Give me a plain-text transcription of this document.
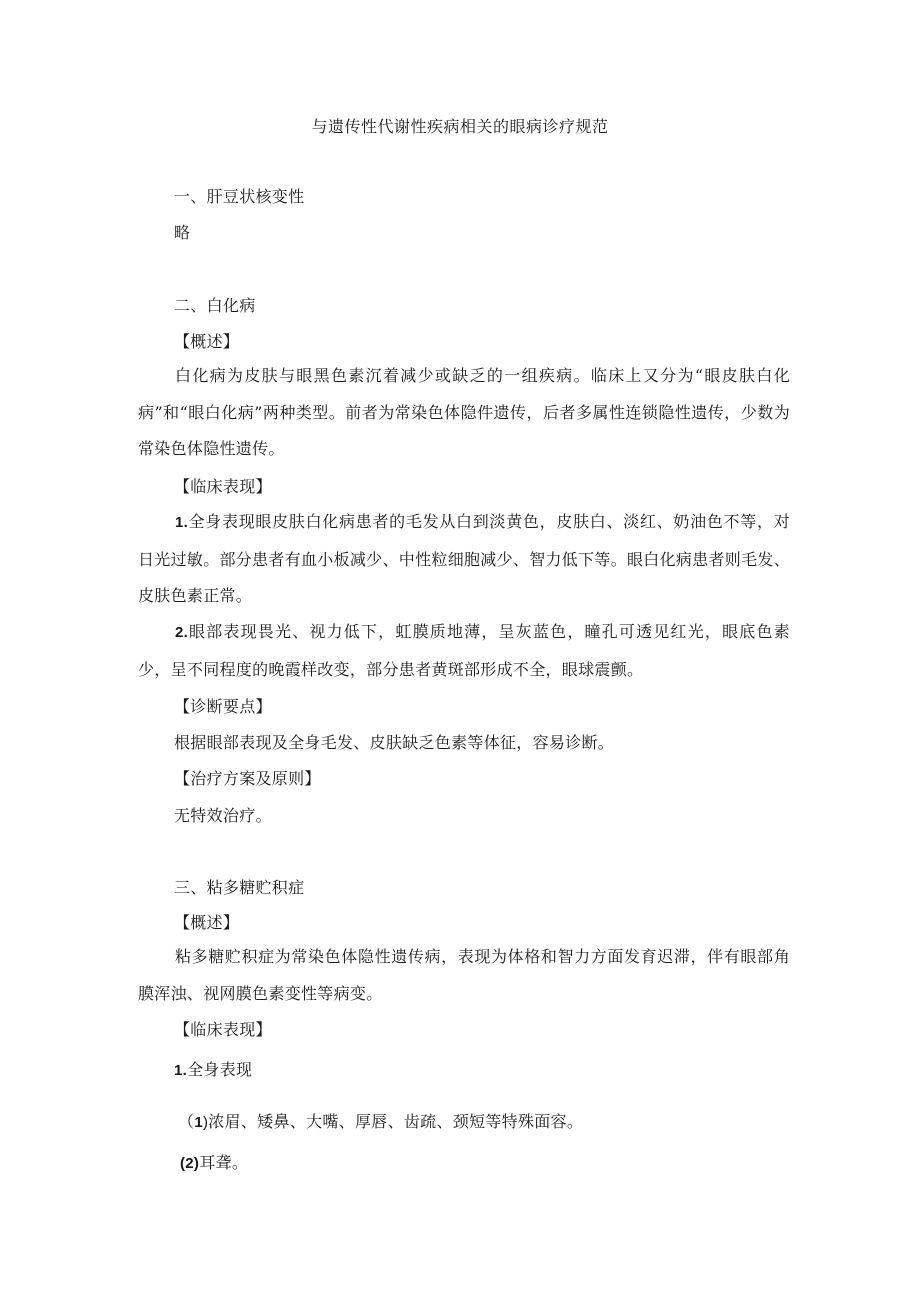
与遗传性代谢性疾病相关的眼病诊疗规范
一、肝豆状核变性
略
二、白化病
【概述】
白化病为皮肤与眼黑色素沉着减少或缺乏的一组疾病。临床上又分为“眼皮肤白化病”和“眼白化病”两种类型。前者为常染色体隐件遗传，后者多属性连锁隐性遗传，少数为常染色体隐性遗传。
【临床表现】
1.全身表现眼皮肤白化病患者的毛发从白到淡黄色，皮肤白、淡红、奶油色不等，对日光过敏。部分患者有血小板减少、中性粒细胞减少、智力低下等。眼白化病患者则毛发、皮肤色素正常。
2.眼部表现畏光、视力低下，虹膜质地薄，呈灰蓝色，瞳孔可透见红光，眼底色素少，呈不同程度的晚霞样改变，部分患者黄斑部形成不全，眼球震颤。
【诊断要点】
根据眼部表现及全身毛发、皮肤缺乏色素等体征，容易诊断。
【治疗方案及原则】
无特效治疗。
三、粘多糖贮积症
【概述】
粘多糖贮积症为常染色体隐性遗传病，表现为体格和智力方面发育迟滞，伴有眼部角膜浑浊、视网膜色素变性等病变。
【临床表现】
1.全身表现
（1)浓眉、矮鼻、大嘴、厚唇、齿疏、颈短等特殊面容。
(2)耳聋。
